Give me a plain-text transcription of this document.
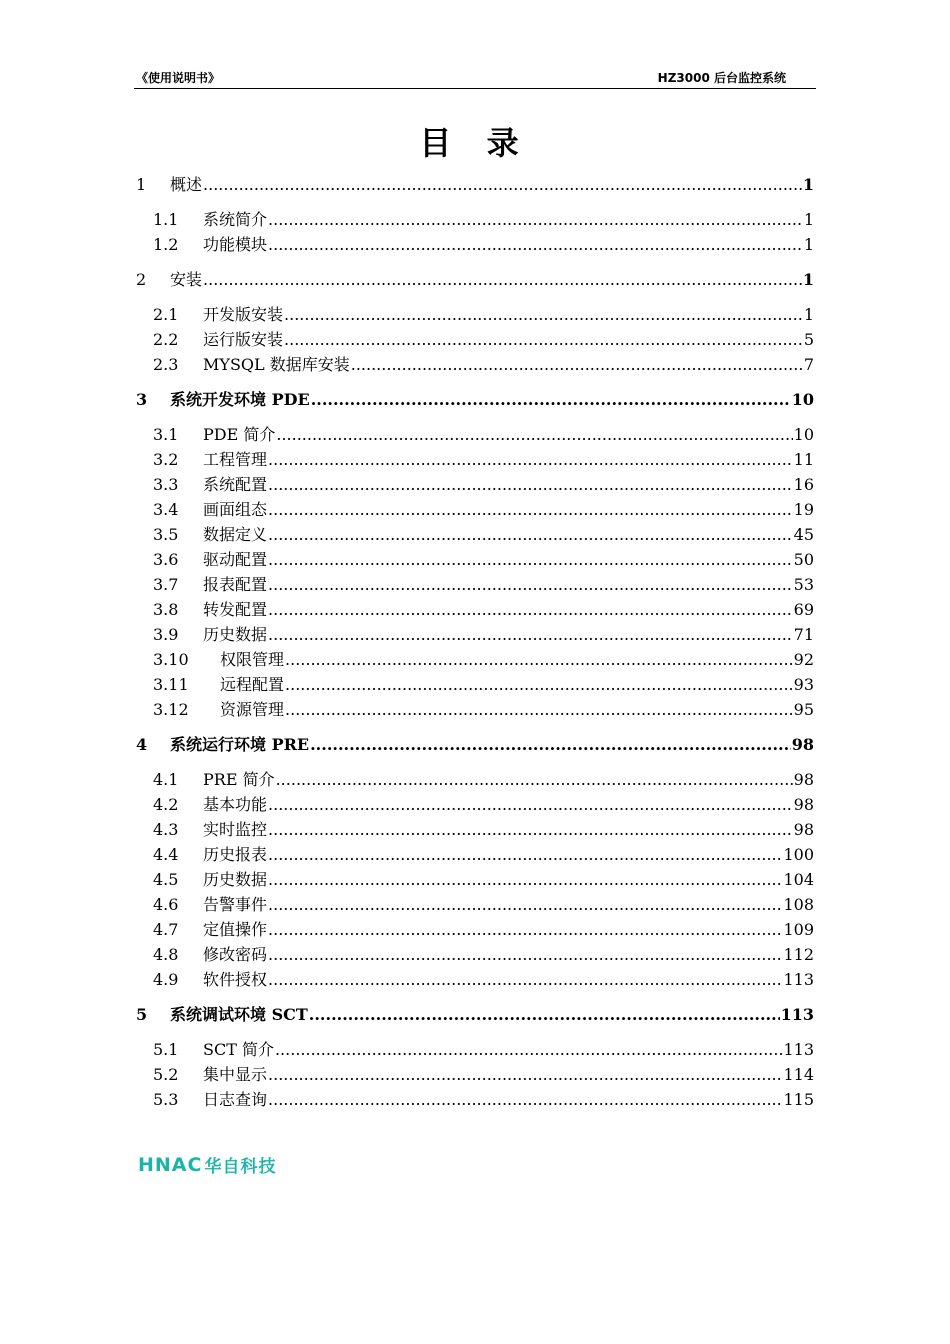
《使用说明书》	HZ3000 后台监控系统
目 录
1	概述 .....	1
1.1	系统简介 .....	1
1.2	功能模块 .....	1
2	安装 .....	1
2.1	开发版安装 .....	1
2.2	运行版安装 .....	5
2.3	MYSQL 数据库安装 .....	7
3	系统开发环境 PDE .....	10
3.1	PDE 简介 .....	10
3.2	工程管理 .....	11
3.3	系统配置 .....	16
3.4	画面组态 .....	19
3.5	数据定义 .....	45
3.6	驱动配置 .....	50
3.7	报表配置 .....	53
3.8	转发配置 .....	69
3.9	历史数据 .....	71
3.10	权限管理 .....	92
3.11	远程配置 .....	93
3.12	资源管理 .....	95
4	系统运行环境 PRE .....	98
4.1	PRE 简介 .....	98
4.2	基本功能 .....	98
4.3	实时监控 .....	98
4.4	历史报表 .....	100
4.5	历史数据 .....	104
4.6	告警事件 .....	108
4.7	定值操作 .....	109
4.8	修改密码 .....	112
4.9	软件授权 .....	113
5	系统调试环境 SCT .....	113
5.1	SCT 简介 .....	113
5.2	集中显示 .....	114
5.3	日志查询 .....	115
HNAC 华自科技
